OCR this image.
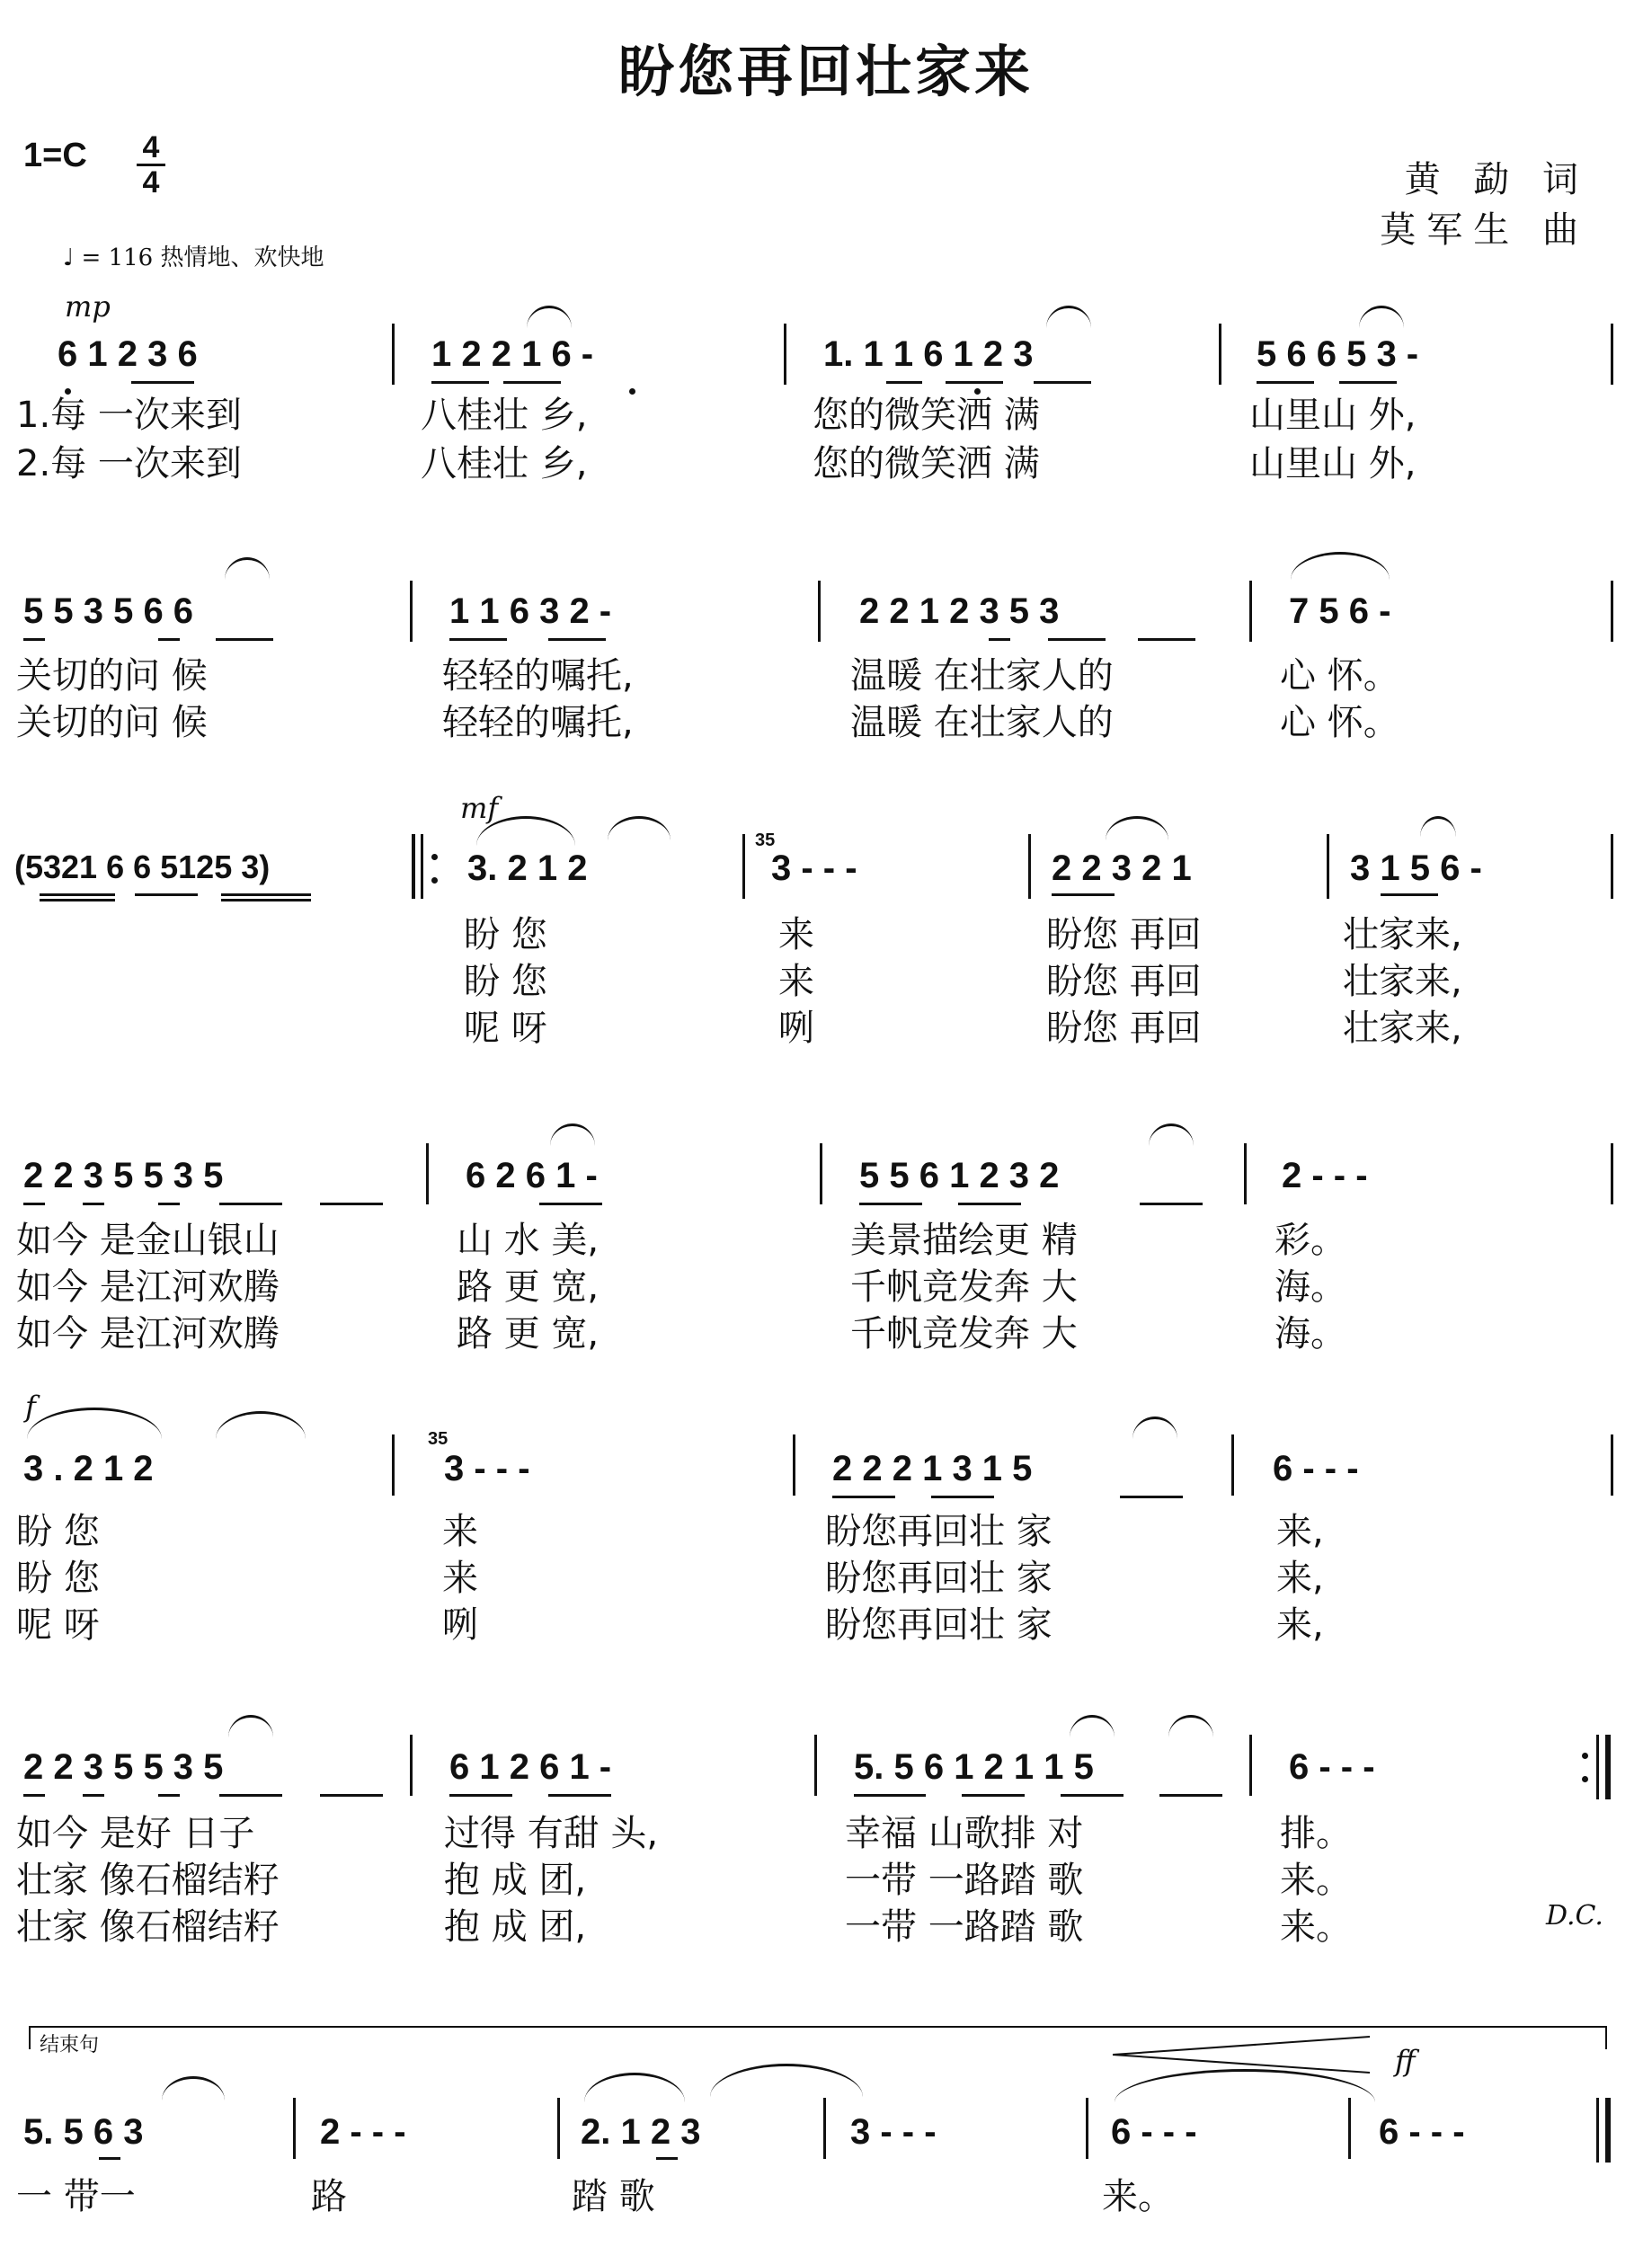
盼您再回壮家来
1=C	4
4	黄 勐 词
莫军生 曲
♩ = 116 热情地、欢快地
mp
6 1 2 3 6	1 2 2 1 6 -	1. 1 1 6 1 2 3	5 6 6 5 3 -
1.每 一次来到	八桂壮 乡,	您的微笑洒 满	山里山 外,
2.每 一次来到	八桂壮 乡,	您的微笑洒 满	山里山 外,
5 5 3 5 6 6	1 1 6 3 2 -	2 2 1 2 3 5 3	7 5 6 -
关切的问 候	轻轻的嘱托,	温暖 在壮家人的	心 怀。
关切的问 候	轻轻的嘱托,	温暖 在壮家人的	心 怀。
mf
(5321 6 6 5125 3)	3. 2 1 2	3 - - -	2 2 3 2 1	3 1 5 6 -
35
盼 您	来	盼您 再回	壮家来,
盼 您	来	盼您 再回	壮家来,
呢 呀	咧	盼您 再回	壮家来,
2 2 3 5 5 3 5	6 2 6 1 -	5 5 6 1 2 3 2	2 - - -
如今 是金山银山	山 水 美,	美景描绘更 精	彩。
如今 是江河欢腾	路 更 宽,	千帆竞发奔 大	海。
如今 是江河欢腾	路 更 宽,	千帆竞发奔 大	海。
f
3 . 2 1 2	3 - - -	2 2 2 1 3 1 5	6 - - -
35
盼 您	来	盼您再回壮 家	来,
盼 您	来	盼您再回壮 家	来,
呢 呀	咧	盼您再回壮 家	来,
2 2 3 5 5 3 5	6 1 2 6 1 -	5. 5 6 1 2 1 1 5	6 - - -
如今 是好 日子	过得 有甜 头,	幸福 山歌排 对	排。
壮家 像石榴结籽	抱 成 团,	一带 一路踏 歌	来。
壮家 像石榴结籽	抱 成 团,	一带 一路踏 歌	来。	D.C.
结束句	ff
5. 5 6 3	2 - - -	2. 1 2 3	3 - - -	6 - - -	6 - - -
一 带一	路	踏 歌	来。
